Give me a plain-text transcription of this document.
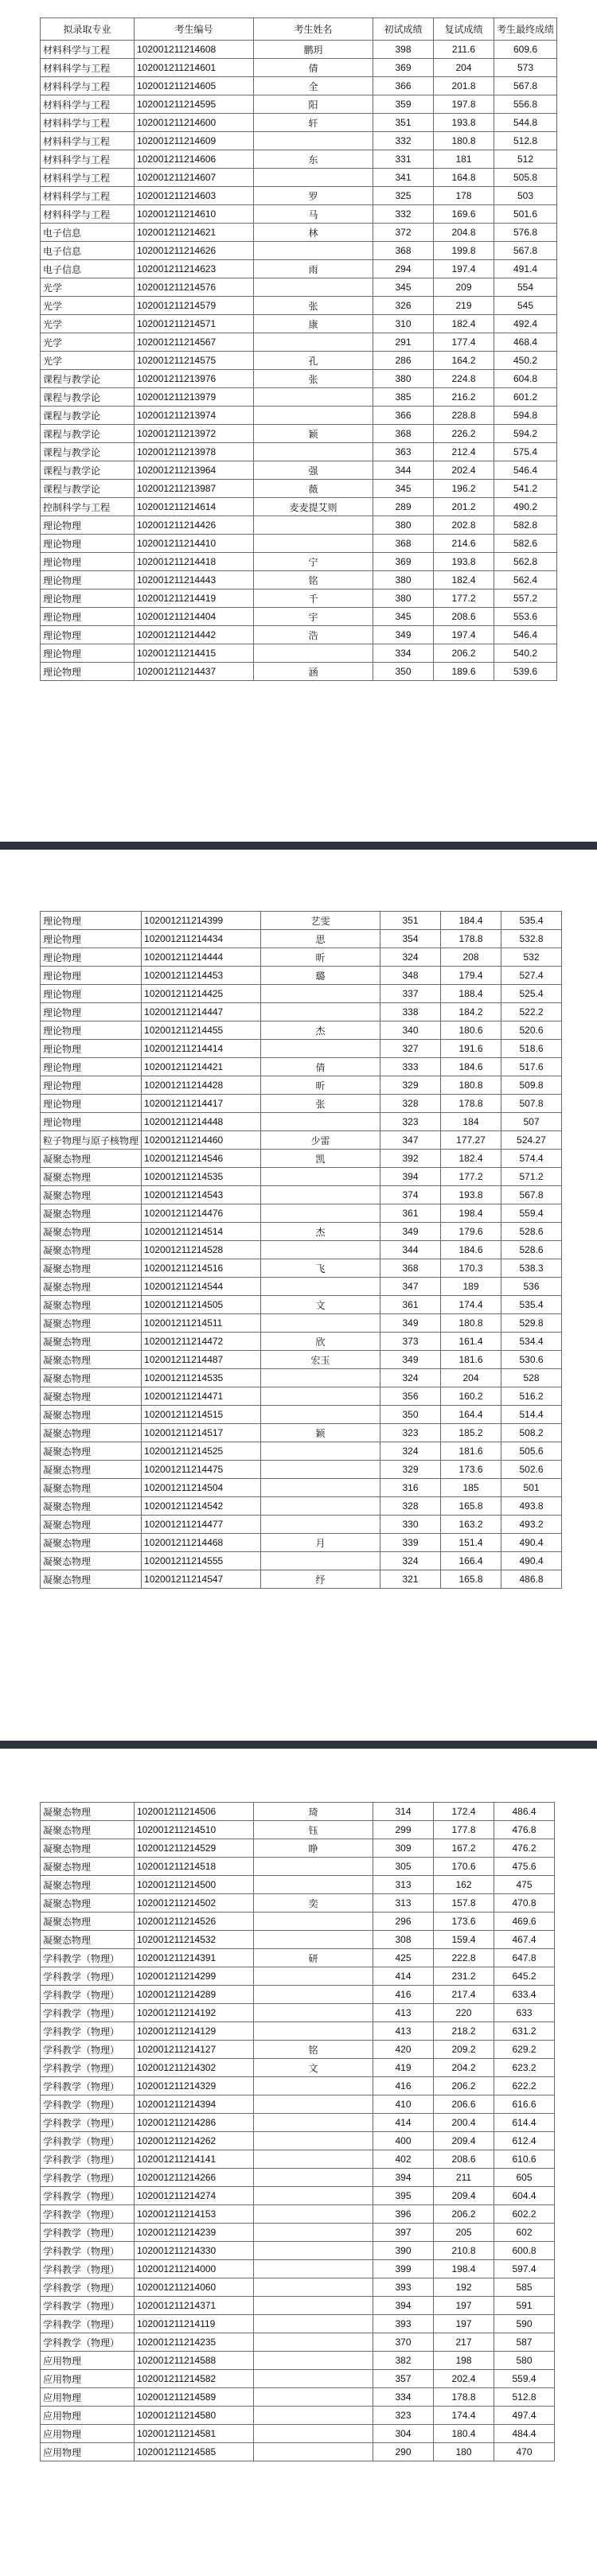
拟录取专业	考生编号	考生姓名	初试成绩	复试成绩	考生最终成绩
材料科学与工程	102001211214608	鹏玥	398	211.6	609.6
材料科学与工程	102001211214601	倩	369	204	573
材料科学与工程	102001211214605	全	366	201.8	567.8
材料科学与工程	102001211214595	阳	359	197.8	556.8
材料科学与工程	102001211214600	轩	351	193.8	544.8
材料科学与工程	102001211214609		332	180.8	512.8
材料科学与工程	102001211214606	东	331	181	512
材料科学与工程	102001211214607		341	164.8	505.8
材料科学与工程	102001211214603	罗	325	178	503
材料科学与工程	102001211214610	马	332	169.6	501.6
电子信息	102001211214621	林	372	204.8	576.8
电子信息	102001211214626		368	199.8	567.8
电子信息	102001211214623	雨	294	197.4	491.4
光学	102001211214576		345	209	554
光学	102001211214579	张	326	219	545
光学	102001211214571	康	310	182.4	492.4
光学	102001211214567		291	177.4	468.4
光学	102001211214575	孔	286	164.2	450.2
课程与教学论	102001211213976	张	380	224.8	604.8
课程与教学论	102001211213979		385	216.2	601.2
课程与教学论	102001211213974		366	228.8	594.8
课程与教学论	102001211213972	颖	368	226.2	594.2
课程与教学论	102001211213978		363	212.4	575.4
课程与教学论	102001211213964	强	344	202.4	546.4
课程与教学论	102001211213987	薇	345	196.2	541.2
控制科学与工程	102001211214614	麦麦提艾则	289	201.2	490.2
理论物理	102001211214426		380	202.8	582.8
理论物理	102001211214410		368	214.6	582.6
理论物理	102001211214418	宁	369	193.8	562.8
理论物理	102001211214443	铭	380	182.4	562.4
理论物理	102001211214419	千	380	177.2	557.2
理论物理	102001211214404	宇	345	208.6	553.6
理论物理	102001211214442	浩	349	197.4	546.4
理论物理	102001211214415		334	206.2	540.2
理论物理	102001211214437	涵	350	189.6	539.6
理论物理	102001211214399	艺雯	351	184.4	535.4
理论物理	102001211214434	思	354	178.8	532.8
理论物理	102001211214444	昕	324	208	532
理论物理	102001211214453	璐	348	179.4	527.4
理论物理	102001211214425		337	188.4	525.4
理论物理	102001211214447		338	184.2	522.2
理论物理	102001211214455	杰	340	180.6	520.6
理论物理	102001211214414		327	191.6	518.6
理论物理	102001211214421	倩	333	184.6	517.6
理论物理	102001211214428	昕	329	180.8	509.8
理论物理	102001211214417	张	328	178.8	507.8
理论物理	102001211214448		323	184	507
粒子物理与原子核物理	102001211214460	少雷	347	177.27	524.27
凝聚态物理	102001211214546	凯	392	182.4	574.4
凝聚态物理	102001211214535		394	177.2	571.2
凝聚态物理	102001211214543		374	193.8	567.8
凝聚态物理	102001211214476		361	198.4	559.4
凝聚态物理	102001211214514	杰	349	179.6	528.6
凝聚态物理	102001211214528		344	184.6	528.6
凝聚态物理	102001211214516	飞	368	170.3	538.3
凝聚态物理	102001211214544		347	189	536
凝聚态物理	102001211214505	文	361	174.4	535.4
凝聚态物理	102001211214511		349	180.8	529.8
凝聚态物理	102001211214472	欣	373	161.4	534.4
凝聚态物理	102001211214487	宏玉	349	181.6	530.6
凝聚态物理	102001211214535		324	204	528
凝聚态物理	102001211214471		356	160.2	516.2
凝聚态物理	102001211214515		350	164.4	514.4
凝聚态物理	102001211214517	颖	323	185.2	508.2
凝聚态物理	102001211214525		324	181.6	505.6
凝聚态物理	102001211214475		329	173.6	502.6
凝聚态物理	102001211214504		316	185	501
凝聚态物理	102001211214542		328	165.8	493.8
凝聚态物理	102001211214477		330	163.2	493.2
凝聚态物理	102001211214468	月	339	151.4	490.4
凝聚态物理	102001211214555		324	166.4	490.4
凝聚态物理	102001211214547	纾	321	165.8	486.8
凝聚态物理	102001211214506	琦	314	172.4	486.4
凝聚态物理	102001211214510	钰	299	177.8	476.8
凝聚态物理	102001211214529	睁	309	167.2	476.2
凝聚态物理	102001211214518		305	170.6	475.6
凝聚态物理	102001211214500		313	162	475
凝聚态物理	102001211214502	奕	313	157.8	470.8
凝聚态物理	102001211214526		296	173.6	469.6
凝聚态物理	102001211214532		308	159.4	467.4
学科教学（物理）	102001211214391	研	425	222.8	647.8
学科教学（物理）	102001211214299		414	231.2	645.2
学科教学（物理）	102001211214289		416	217.4	633.4
学科教学（物理）	102001211214192		413	220	633
学科教学（物理）	102001211214129		413	218.2	631.2
学科教学（物理）	102001211214127	铭	420	209.2	629.2
学科教学（物理）	102001211214302	文	419	204.2	623.2
学科教学（物理）	102001211214329		416	206.2	622.2
学科教学（物理）	102001211214394		410	206.6	616.6
学科教学（物理）	102001211214286		414	200.4	614.4
学科教学（物理）	102001211214262		400	209.4	612.4
学科教学（物理）	102001211214141		402	208.6	610.6
学科教学（物理）	102001211214266		394	211	605
学科教学（物理）	102001211214274		395	209.4	604.4
学科教学（物理）	102001211214153		396	206.2	602.2
学科教学（物理）	102001211214239		397	205	602
学科教学（物理）	102001211214330		390	210.8	600.8
学科教学（物理）	102001211214000		399	198.4	597.4
学科教学（物理）	102001211214060		393	192	585
学科教学（物理）	102001211214371		394	197	591
学科教学（物理）	102001211214119		393	197	590
学科教学（物理）	102001211214235		370	217	587
应用物理	102001211214588		382	198	580
应用物理	102001211214582		357	202.4	559.4
应用物理	102001211214589		334	178.8	512.8
应用物理	102001211214580		323	174.4	497.4
应用物理	102001211214581		304	180.4	484.4
应用物理	102001211214585		290	180	470
